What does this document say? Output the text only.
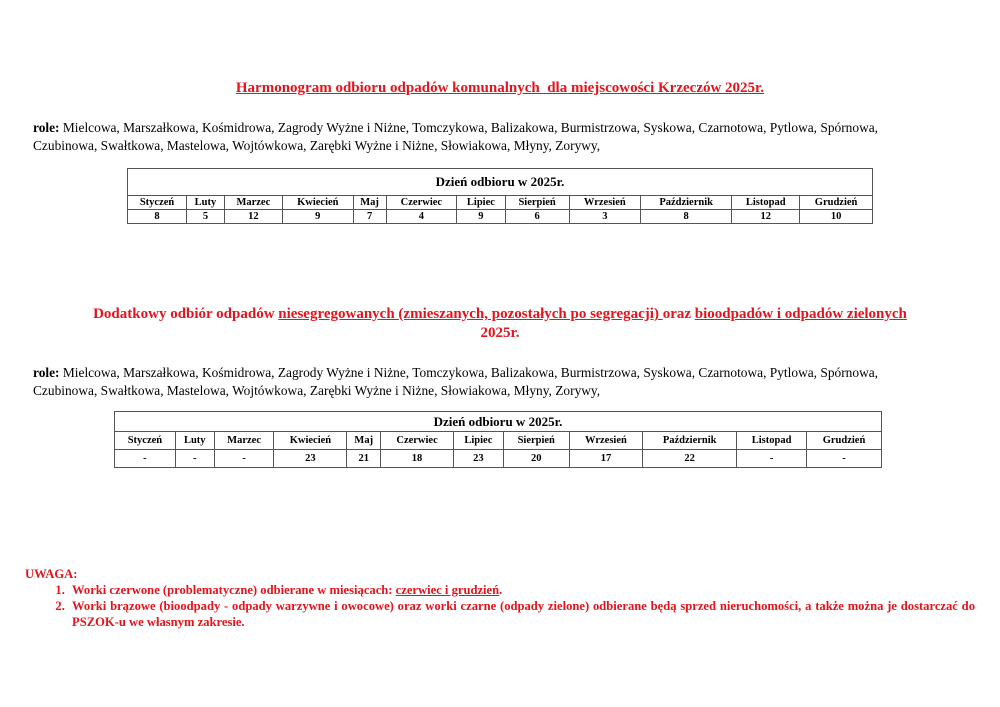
Harmonogram odbioru odpadów komunalnych  dla miejscowości Krzeczów 2025r.
role: Mielcowa, Marszałkowa, Kośmidrowa, Zagrody Wyżne i Niżne, Tomczykowa, Balizakowa, Burmistrzowa, Syskowa, Czarnotowa, Pytlowa, Spórnowa,
Czubinowa, Swałtkowa, Mastelowa, Wojtówkowa, Zarębki Wyżne i Niżne, Słowiakowa, Młyny, Zorywy,
Dzień odbioru w 2025r.											
Styczeń	Luty	Marzec	Kwiecień	Maj	Czerwiec	Lipiec	Sierpień	Wrzesień	Październik	Listopad	Grudzień
8	5	12	9	7	4	9	6	3	8	12	10
Dodatkowy odbiór odpadów niesegregowanych (zmieszanych, pozostałych po segregacji) oraz bioodpadów i odpadów zielonych
2025r.
role: Mielcowa, Marszałkowa, Kośmidrowa, Zagrody Wyżne i Niżne, Tomczykowa, Balizakowa, Burmistrzowa, Syskowa, Czarnotowa, Pytlowa, Spórnowa,
Czubinowa, Swałtkowa, Mastelowa, Wojtówkowa, Zarębki Wyżne i Niżne, Słowiakowa, Młyny, Zorywy,
Dzień odbioru w 2025r.											
Styczeń	Luty	Marzec	Kwiecień	Maj	Czerwiec	Lipiec	Sierpień	Wrzesień	Październik	Listopad	Grudzień
-	-	-	23	21	18	23	20	17	22	-	-
UWAGA:
1. Worki czerwone (problematyczne) odbierane w miesiącach: czerwiec i grudzień.
2. Worki brązowe (bioodpady - odpady warzywne i owocowe) oraz worki czarne (odpady zielone) odbierane będą sprzed nieruchomości, a także można je dostarczać do PSZOK-u we własnym zakresie.
